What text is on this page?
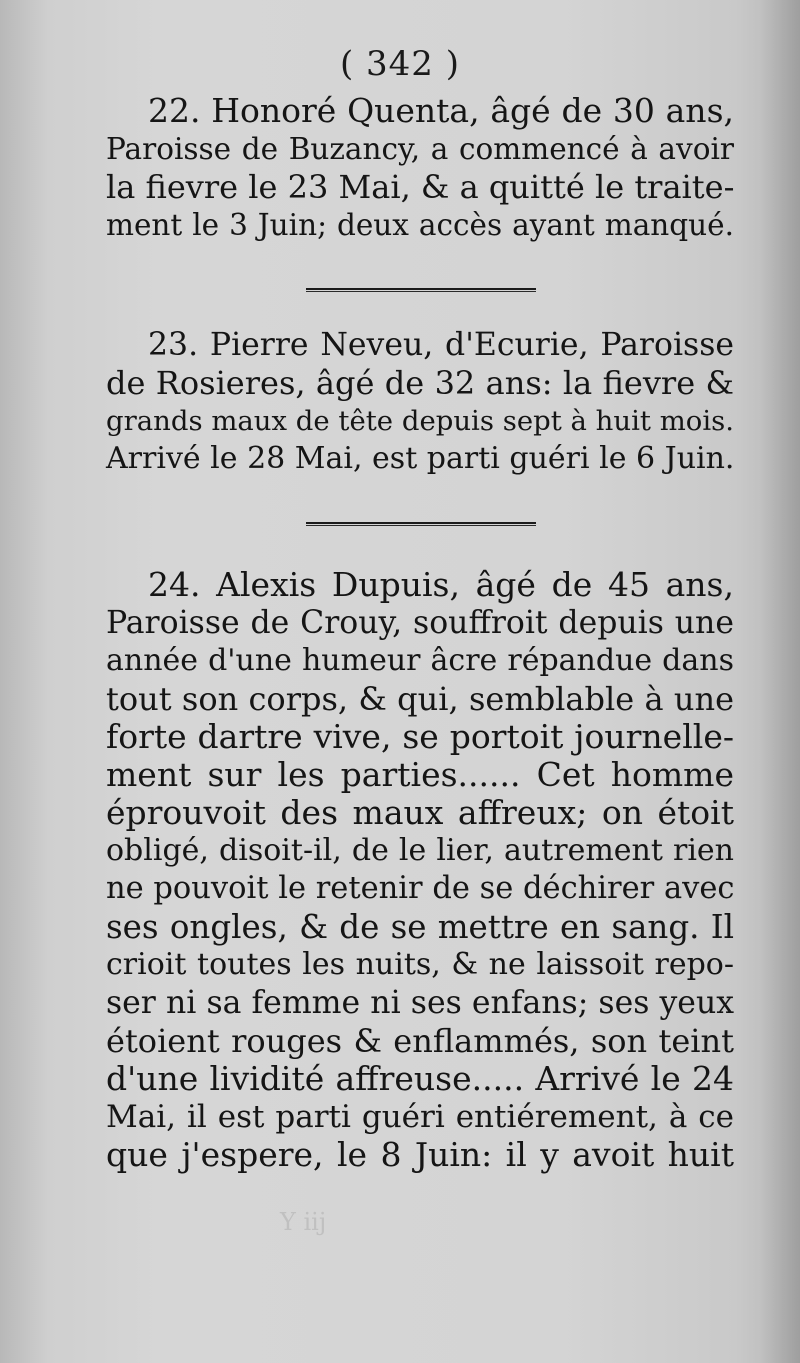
( 342 )
22. Honoré Quenta, âgé de 30 ans,
Paroisse de Buzancy, a commencé à avoir
la fievre le 23 Mai, & a quitté le traite-
ment le 3 Juin; deux accès ayant manqué.
23. Pierre Neveu, d'Ecurie, Paroisse
de Rosieres, âgé de 32 ans: la fievre &
grands maux de tête depuis sept à huit mois.
Arrivé le 28 Mai, est parti guéri le 6 Juin.
24. Alexis Dupuis, âgé de 45 ans,
Paroisse de Crouy, souffroit depuis une
année d'une humeur âcre répandue dans
tout son corps, & qui, semblable à une
forte dartre vive, se portoit journelle-
ment sur les parties...... Cet homme
éprouvoit des maux affreux; on étoit
obligé, disoit-il, de le lier, autrement rien
ne pouvoit le retenir de se déchirer avec
ses ongles, & de se mettre en sang. Il
crioit toutes les nuits, & ne laissoit repo-
ser ni sa femme ni ses enfans; ses yeux
étoient rouges & enflammés, son teint
d'une lividité affreuse..... Arrivé le 24
Mai, il est parti guéri entiérement, à ce
que j'espere, le 8 Juin: il y avoit huit
Y iij
